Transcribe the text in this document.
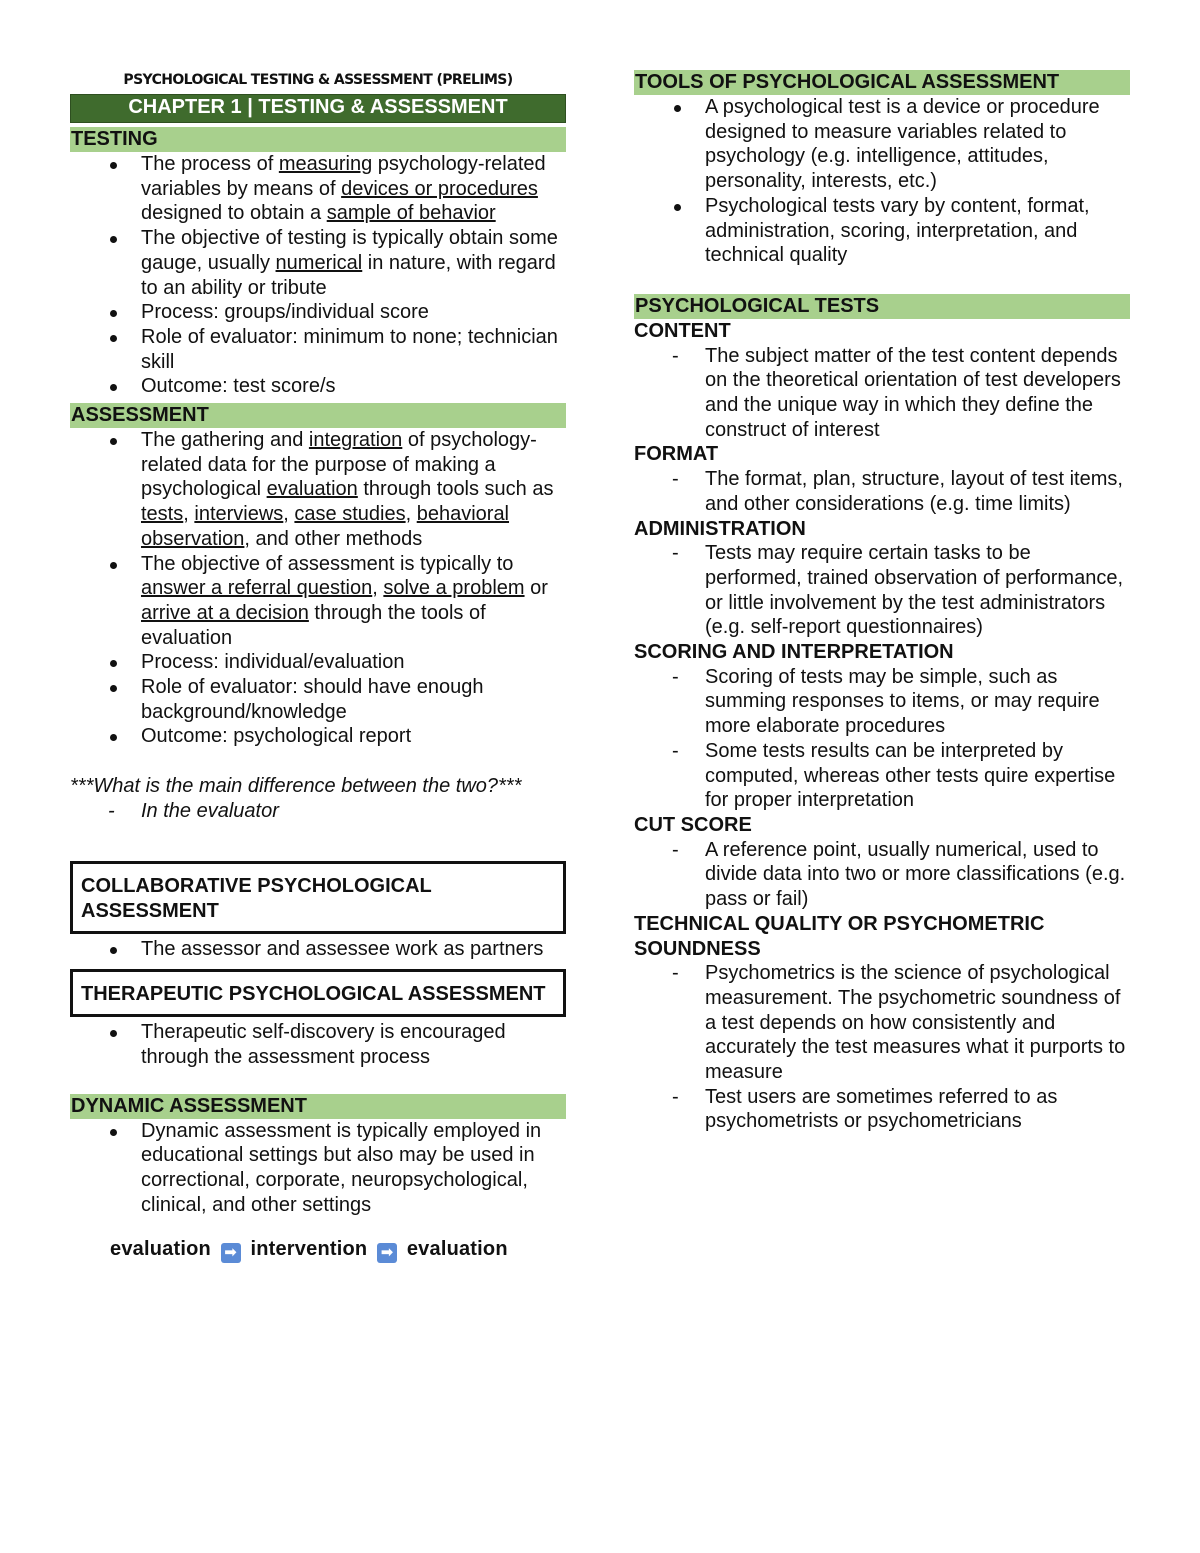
PSYCHOLOGICAL TESTING & ASSESSMENT (PRELIMS)
CHAPTER 1 | TESTING & ASSESSMENT
TESTING
The process of measuring psychology-related variables by means of devices or procedures designed to obtain a sample of behavior
The objective of testing is typically obtain some gauge, usually numerical in nature, with regard to an ability or tribute
Process: groups/individual score
Role of evaluator: minimum to none; technician skill
Outcome: test score/s
ASSESSMENT
The gathering and integration of psychology-related data for the purpose of making a psychological evaluation through tools such as tests, interviews, case studies, behavioral observation, and other methods
The objective of assessment is typically to answer a referral question, solve a problem or arrive at a decision through the tools of evaluation
Process: individual/evaluation
Role of evaluator: should have enough background/knowledge
Outcome: psychological report
***What is the main difference between the two?***
- In the evaluator
COLLABORATIVE PSYCHOLOGICAL ASSESSMENT
The assessor and assessee work as partners
THERAPEUTIC PSYCHOLOGICAL ASSESSMENT
Therapeutic self-discovery is encouraged through the assessment process
DYNAMIC ASSESSMENT
Dynamic assessment is typically employed in educational settings but also may be used in correctional, corporate, neuropsychological, clinical, and other settings
evaluation ➡ intervention ➡ evaluation
TOOLS OF PSYCHOLOGICAL ASSESSMENT
A psychological test is a device or procedure designed to measure variables related to psychology (e.g. intelligence, attitudes, personality, interests, etc.)
Psychological tests vary by content, format, administration, scoring, interpretation, and technical quality
PSYCHOLOGICAL TESTS
CONTENT
- The subject matter of the test content depends on the theoretical orientation of test developers and the unique way in which they define the construct of interest
FORMAT
- The format, plan, structure, layout of test items, and other considerations (e.g. time limits)
ADMINISTRATION
- Tests may require certain tasks to be performed, trained observation of performance, or little involvement by the test administrators (e.g. self-report questionnaires)
SCORING AND INTERPRETATION
- Scoring of tests may be simple, such as summing responses to items, or may require more elaborate procedures
- Some tests results can be interpreted by computed, whereas other tests quire expertise for proper interpretation
CUT SCORE
- A reference point, usually numerical, used to divide data into two or more classifications (e.g. pass or fail)
TECHNICAL QUALITY OR PSYCHOMETRIC SOUNDNESS
- Psychometrics is the science of psychological measurement. The psychometric soundness of a test depends on how consistently and accurately the test measures what it purports to measure
- Test users are sometimes referred to as psychometrists or psychometricians
